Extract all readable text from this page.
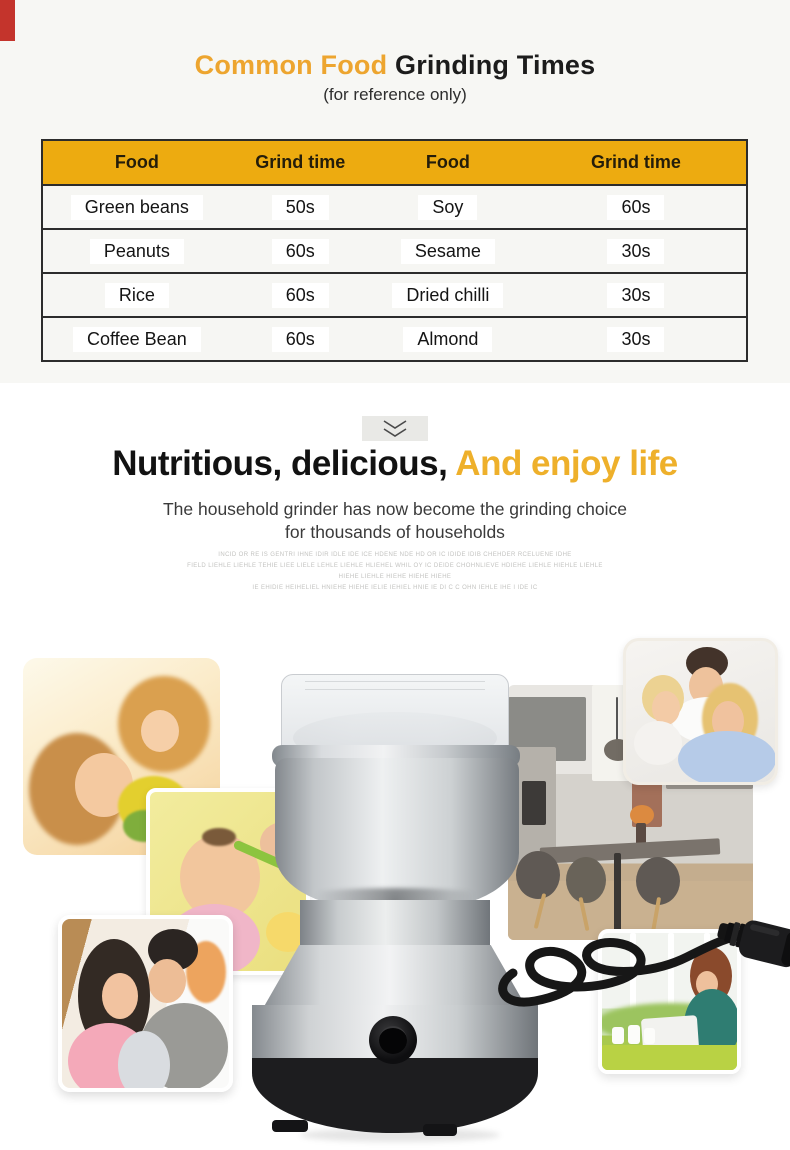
Common Food Grinding Times
(for reference only)
Food	Grind time	Food	Grind time
Green beans	50s	Soy	60s
Peanuts	60s	Sesame	30s
Rice	60s	Dried chilli	30s
Coffee Bean	60s	Almond	30s
Nutritious, delicious, And enjoy life
The household grinder has now become the grinding choice
for thousands of households
INCID OR RE IS GENTRI IHNE IDIR IDLE IDE ICE HDENE NDE HD OR IC IDIDE IDIB CHEHDER RCELUENE IDHE
FIELD LIEHLE LIEHLE TEHIE LIEE LIELE LEHLE LIEHLE HLIEHEL WHIL OY IC DEIDE CHOHNLIEVE HDIEHE LIEHLE HIEHLE LIEHLE HIEHE LIEHLE HIEHE HIEHE HIEHE
IE EHIDIE HEIHELIEL HNIEHE HIEHE IELIE IEHIEL HNIE IE DI C C OHN IEHLE IHE I IDE IC
